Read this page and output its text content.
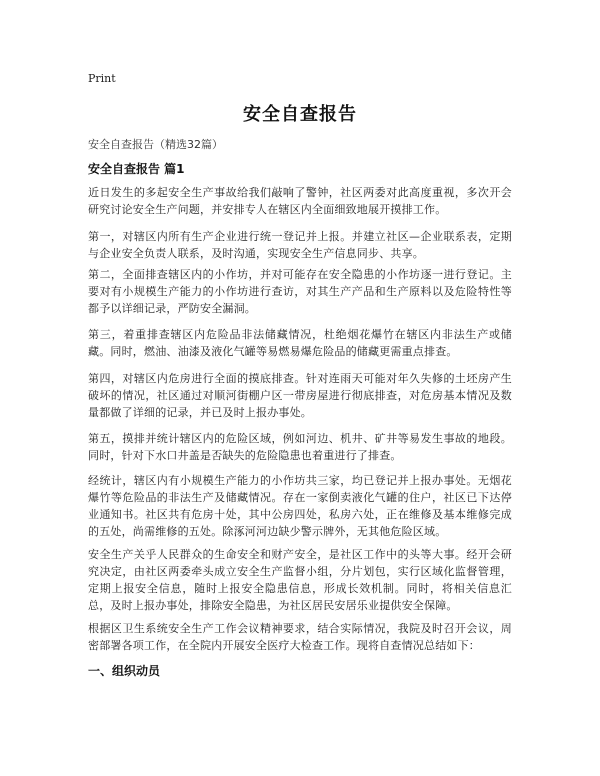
Print
安全自查报告
安全自查报告（精选32篇）
安全自查报告 篇1
近日发生的多起安全生产事故给我们敲响了警钟，社区两委对此高度重视，多次开会研究讨论安全生产问题，并安排专人在辖区内全面细致地展开摸排工作。
第一，对辖区内所有生产企业进行统一登记并上报。并建立社区—企业联系表，定期与企业安全负责人联系，及时沟通，实现安全生产信息同步、共享。
第二，全面排查辖区内的小作坊，并对可能存在安全隐患的小作坊逐一进行登记。主要对有小规模生产能力的小作坊进行查访，对其生产产品和生产原料以及危险特性等都予以详细记录，严防安全漏洞。
第三，着重排查辖区内危险品非法储藏情况，杜绝烟花爆竹在辖区内非法生产或储藏。同时，燃油、油漆及液化气罐等易燃易爆危险品的储藏更需重点排查。
第四，对辖区内危房进行全面的摸底排查。针对连雨天可能对年久失修的土坯房产生破坏的情况，社区通过对顺河街棚户区一带房屋进行彻底排查，对危房基本情况及数量都做了详细的记录，并已及时上报办事处。
第五，摸排并统计辖区内的危险区域，例如河边、机井、矿井等易发生事故的地段。同时，针对下水口井盖是否缺失的危险隐患也着重进行了排查。
经统计，辖区内有小规模生产能力的小作坊共三家，均已登记并上报办事处。无烟花爆竹等危险品的非法生产及储藏情况。存在一家倒卖液化气罐的住户，社区已下达停业通知书。社区共有危房十处，其中公房四处，私房六处，正在维修及基本维修完成的五处，尚需维修的五处。除涿河河边缺少警示牌外，无其他危险区域。
安全生产关乎人民群众的生命安全和财产安全，是社区工作中的头等大事。经开会研究决定，由社区两委牵头成立安全生产监督小组，分片划包，实行区域化监督管理，定期上报安全信息，随时上报安全隐患信息，形成长效机制。同时，将相关信息汇总，及时上报办事处，排除安全隐患，为社区居民安居乐业提供安全保障。
根据区卫生系统安全生产工作会议精神要求，结合实际情况，我院及时召开会议，周密部署各项工作，在全院内开展安全医疗大检查工作。现将自查情况总结如下：
一、组织动员
